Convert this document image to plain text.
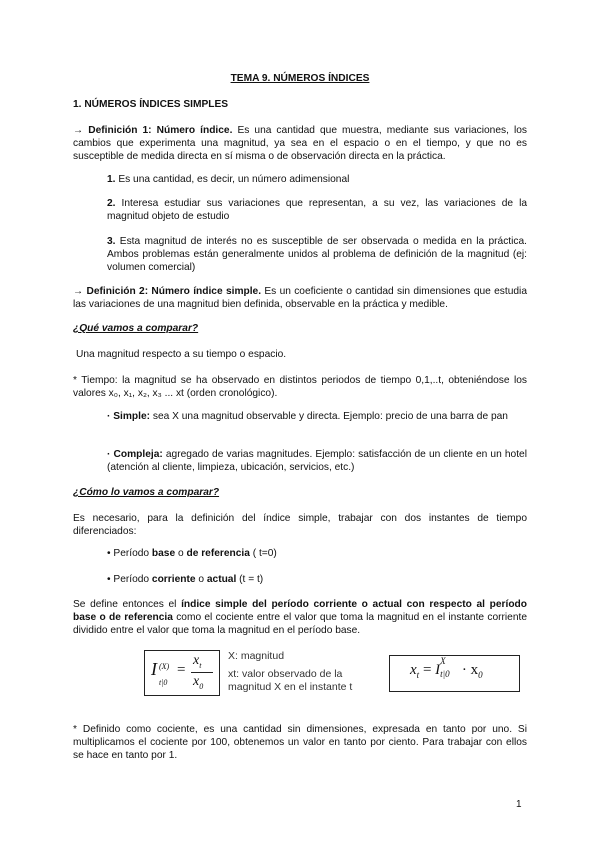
TEMA 9. NÚMEROS ÍNDICES
1. NÚMEROS ÍNDICES SIMPLES
→ Definición 1: Número índice. Es una cantidad que muestra, mediante sus variaciones, los cambios que experimenta una magnitud, ya sea en el espacio o en el tiempo, y que no es susceptible de medida directa en sí misma o de observación directa en la práctica.
1. Es una cantidad, es decir, un número adimensional
2. Interesa estudiar sus variaciones que representan, a su vez, las variaciones de la magnitud objeto de estudio
3. Esta magnitud de interés no es susceptible de ser observada o medida en la práctica. Ambos problemas están generalmente unidos al problema de definición de la magnitud (ej: volumen comercial)
→ Definición 2: Número índice simple. Es un coeficiente o cantidad sin dimensiones que estudia las variaciones de una magnitud bien definida, observable en la práctica y medible.
¿Qué vamos a comparar?
Una magnitud respecto a su tiempo o espacio.
* Tiempo: la magnitud se ha observado en distintos periodos de tiempo 0,1,..t, obteniéndose los valores x₀, x₁, x₂, x₃ ... xt (orden cronológico).
· Simple: sea X una magnitud observable y directa. Ejemplo: precio de una barra de pan
· Compleja: agregado de varias magnitudes. Ejemplo: satisfacción de un cliente en un hotel (atención al cliente, limpieza, ubicación, servicios, etc.)
¿Cómo lo vamos a comparar?
Es necesario, para la definición del índice simple, trabajar con dos instantes de tiempo diferenciados:
• Período base o de referencia ( t=0)
• Período corriente o actual (t = t)
Se define entonces el índice simple del período corriente o actual con respecto al período base o de referencia como el cociente entre el valor que toma la magnitud en el instante corriente dividido entre el valor que toma la magnitud en el período base.
I (X)
t|0
=
$x_t$
$x_0$
X: magnitud
xt: valor observado de la magnitud X en el instante t
$x_t = I$
X
$t|0 \cdot x_0$
* Definido como cociente, es una cantidad sin dimensiones, expresada en tanto por uno. Si multiplicamos el cociente por 100, obtenemos un valor en tanto por ciento. Para trabajar con ellos se hace en tanto por 1.
1
